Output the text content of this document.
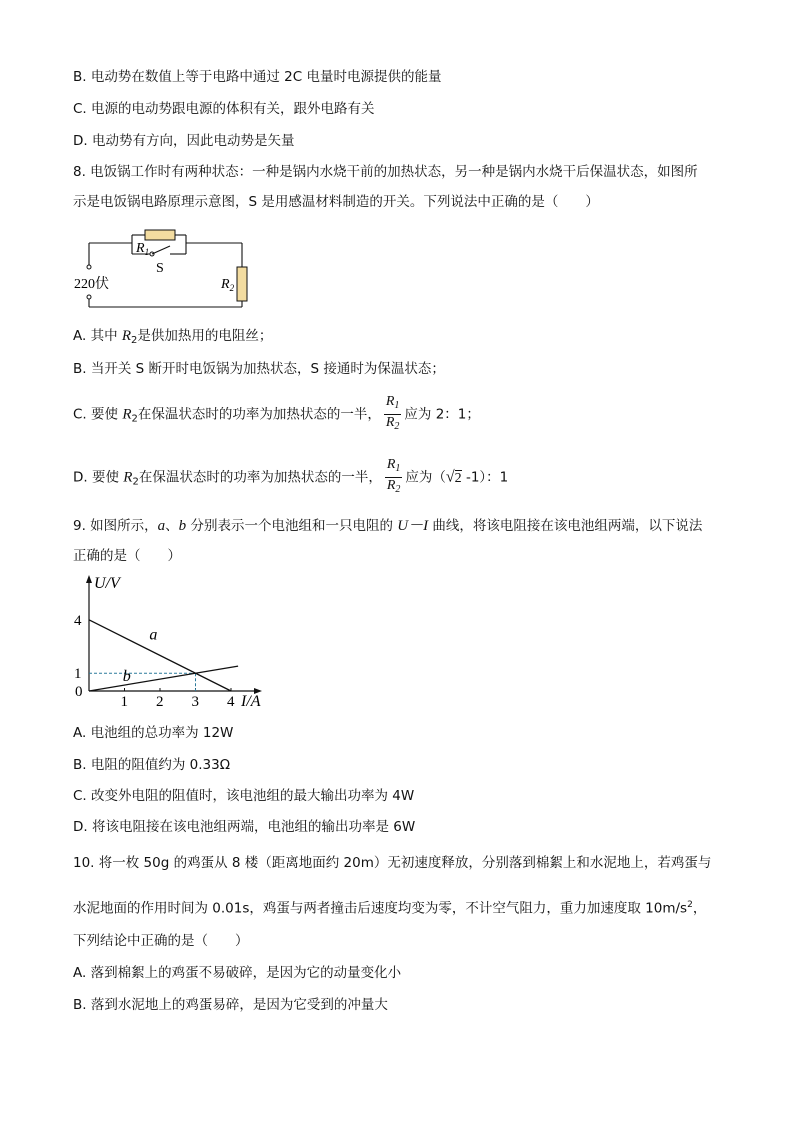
B. 电动势在数值上等于电路中通过 2C 电量时电源提供的能量
C. 电源的电动势跟电源的体积有关，跟外电路有关
D. 电动势有方向，因此电动势是矢量
8. 电饭锅工作时有两种状态：一种是锅内水烧干前的加热状态，另一种是锅内水烧干后保温状态，如图所
示是电饭锅电路原理示意图，S 是用感温材料制造的开关。下列说法中正确的是（　　）
$R_1$
S
220伏	$R_2$
A. 其中 $R_2$是供加热用的电阻丝；
B. 当开关 S 断开时电饭锅为加热状态，S 接通时为保温状态；
C. 要使 $R_2$在保温状态时的功率为加热状态的一半， $\frac{R_1}{R_2}$ 应为 2：1；
D. 要使 $R_2$在保温状态时的功率为加热状态的一半， $\frac{R_1}{R_2}$ 应为（√2 -1）：1
9. 如图所示，a、b 分别表示一个电池组和一只电阻的 U－I 曲线，将该电阻接在该电池组两端，以下说法
正确的是（　　）
U/V
I/A
0
1 2 3 4
1
4
a
b
A. 电池组的总功率为 12W
B. 电阻的阻值约为 0.33Ω
C. 改变外电阻的阻值时，该电池组的最大输出功率为 4W
D. 将该电阻接在该电池组两端，电池组的输出功率是 6W
10. 将一枚 50g 的鸡蛋从 8 楼（距离地面约 20m）无初速度释放，分别落到棉絮上和水泥地上，若鸡蛋与
水泥地面的作用时间为 0.01s，鸡蛋与两者撞击后速度均变为零，不计空气阻力，重力加速度取 $10m/s^2$，
下列结论中正确的是（　　）
A. 落到棉絮上的鸡蛋不易破碎，是因为它的动量变化小
B. 落到水泥地上的鸡蛋易碎，是因为它受到的冲量大
